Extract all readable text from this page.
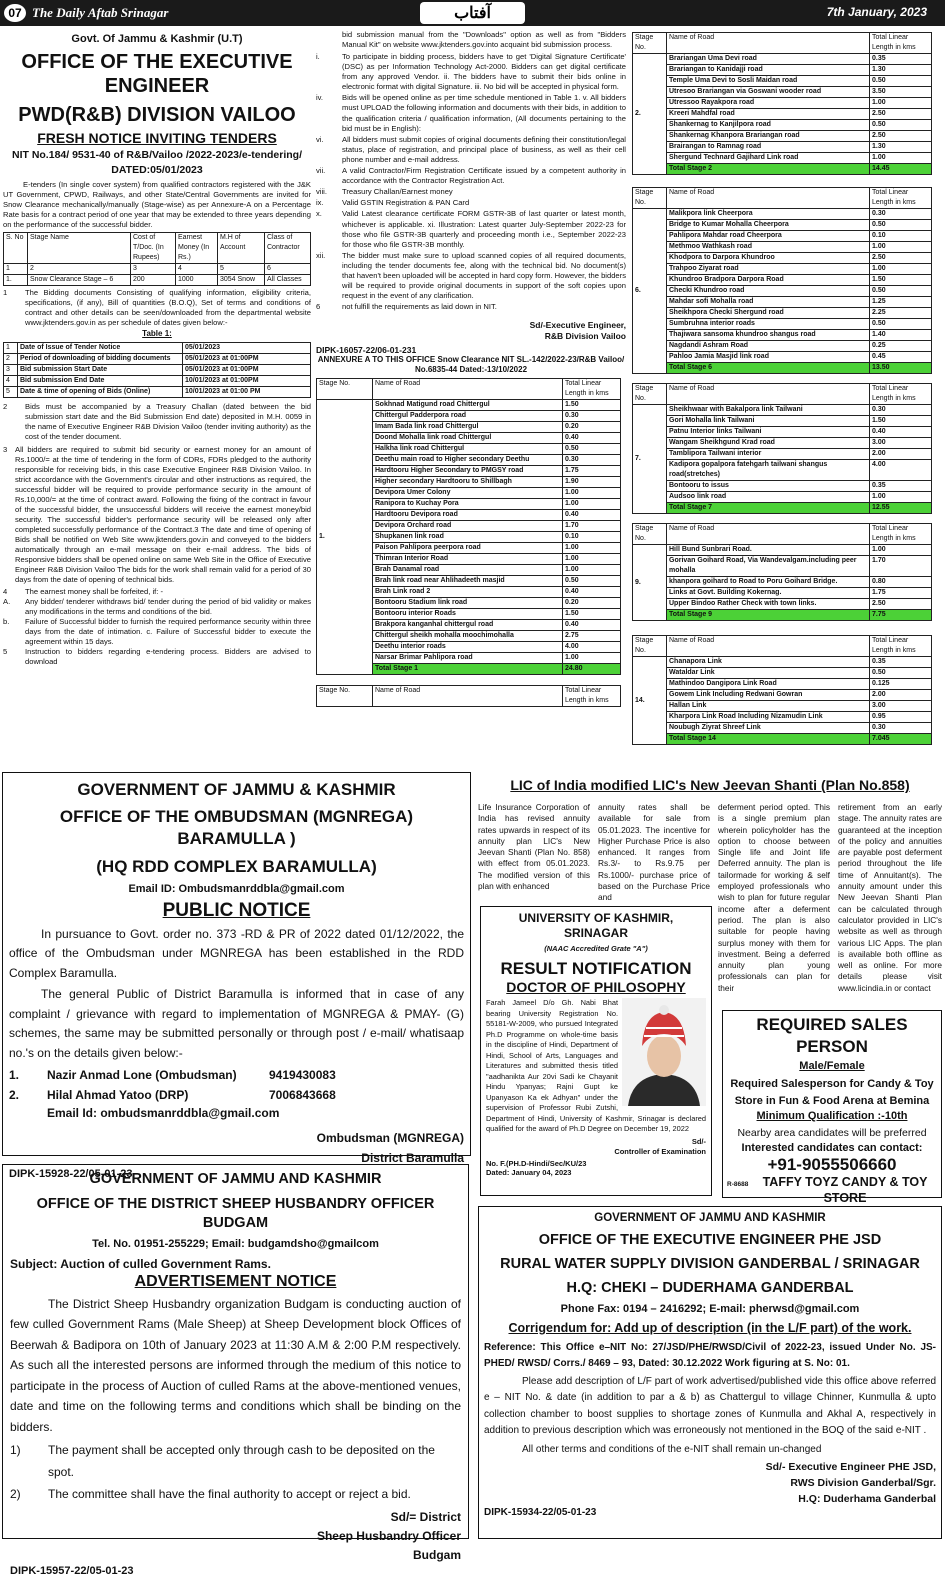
07 The Daily Aftab Srinagar	آفتاب	7th January, 2023
Govt. Of Jammu & Kashmir (U.T)
OFFICE OF THE EXECUTIVE ENGINEER
PWD(R&B) DIVISION VAILOO
FRESH NOTICE INVITING TENDERS
NIT No.184/ 9531-40 of R&B/Vailoo /2022-2023/e-tendering/
DATED:05/01/2023

E-tenders (In single cover system) from qualified contractors registered with the J&K UT Government, CPWD, Railways, and other State/Central Governments are invited for Snow Clearance mechanically/manually (Stage-wise) as per Annexure-A on a Percentage Rate basis for a contract period of one year that may be extended to three years depending on the performance of the successful bidder.

S. No	Stage Name	Cost of T/Doc. (In Rupees)	Earnest Money (In Rs.)	M.H of Account	Class of Contractor
1	2	3	4	5	6
1.	Snow Clearance Stage – 6	200	1000	3054 Snow	All Classes
1	The Bidding documents Consisting of qualifying information, eligibility criteria, specifications, (if any), Bill of quantities (B.O.Q), Set of terms and conditions of contract and other details can be seen/downloaded from the departmental website www.jktenders.gov.in as per schedule of dates given below:-
Table 1:
1	Date of Issue of Tender Notice	05/01/2023
2	Period of downloading of bidding documents	05/01/2023 at 01:00PM
3	Bid submission Start Date	05/01/2023 at 01:00PM
4	Bid submission End Date	10/01/2023 at 01:00PM
5	Date & time of opening of Bids (Online)	10/01/2023 at 01:00 PM
2	Bids must be accompanied by a Treasury Challan (dated between the bid submission start date and the Bid Submission End date) deposited in M.H. 0059 in the name of Executive Engineer R&B Division Vailoo (tender inviting authority) as the cost of the tender document.
3	All bidders are required to submit bid security or earnest money for an amount of Rs.1000/= at the time of tendering in the form of CDRs, FDRs pledged to the authority responsible for receiving bids, in this case Executive Engineer R&B Division Vailoo. In strict accordance with the Government's circular and other instructions as required, the successful bidder will be required to provide performance security in the amount of Rs.10,000/= at the time of contract award. Following the fixing of the contract in favour of the successful bidder, the unsuccessful bidders will receive the earnest money/bid security. The successful bidder's performance security will be released only after completed successfully performance of the Contract.3 The date and time of opening of Bids shall be notified on Web Site www.jktenders.gov.in and conveyed to the bidders automatically through an e-mail message on their e-mail address. The bids of Responsive bidders shall be opened online on same Web Site in the Office of Executive Engineer R&B Division Vailoo The bids for the work shall remain valid for a period of 30 days from the date of opening of technical bids.
4	The earnest money shall be forfeited, if: -
A.	Any bidder/ tenderer withdraws bid/ tender during the period of bid validity or makes any modifications in the terms and conditions of the bid.
b.	Failure of Successful bidder to furnish the required performance security within three days from the date of intimation. c. Failure of Successful bidder to execute the agreement within 15 days.
5	Instruction to bidders regarding e-tendering process. Bidders are advised to download

bid submission manual from the "Downloads" option as well as from "Bidders Manual Kit" on website www.jktenders.gov.into acquaint bid submission process.

i.	To participate in bidding process, bidders have to get 'Digital Signature Certificate' (DSC) as per Information Technology Act-2000. Bidders can get digital certificate from any approved Vendor. ii. The bidders have to submit their bids online in electronic format with digital Signature. iii. No bid will be accepted in physical form.
iv.	Bids will be opened online as per time schedule mentioned in Table 1. v. All bidders must UPLOAD the following information and documents with their bids, in addition to the qualification criteria / qualification information, (All documents pertaining to the bid must be in English):
vi.	All bidders must submit copies of original documents defining their constitution/legal status, place of registration, and principal place of business, as well as their cell phone number and e-mail address.
vii.	A valid Contractor/Firm Registration Certificate issued by a competent authority in accordance with the Contractor Registration Act.
viii.	Treasury Challan/Earnest money
ix.	Valid GSTIN Registration & PAN Card
x.	Valid Latest clearance certificate FORM GSTR-3B of last quarter or latest month, whichever is applicable. xi. Illustration: Latest quarter July-September 2022-23 for those who file GSTR-3B quarterly and proceeding month i.e., September 2022-23 for those who file GSTR-3B monthly.
xii.	The bidder must make sure to upload scanned copies of all required documents, including the tender documents fee, along with the technical bid. No document(s) that haven't been uploaded will be accepted in hard copy form. However, the bidders will be required to provide original documents in support of the soft copies upon request in the event of any clarification.
6	not fulfill the requirements as laid down in NIT.
Sd/-Executive Engineer,
R&B Division Vailoo
DIPK-16057-22/06-01-231
ANNEXURE A TO THIS OFFICE Snow Clearance NIT SL.-142/2022-23/R&B Vailoo/
No.6835-44 Dated:-13/10/2022
Stage No.	Name of Road	Total Linear Length in kms
1.	Sokhnad Matigund road Chittergul	1.50
	Chittergul Padderpora road	0.30
	Imam Bada link road Chittergul	0.20
	Doond Mohalla link road Chittergul	0.40
	Halkha link road Chittergul	0.50
	Deethu main road to Higher secondary Deethu	0.30
	Hardtooru Higher Secondary to PMGSY road	1.75
	Higher secondary Hardtooru to Shillbagh	1.90
	Devipora Umer Colony	1.00
	Ranipora to Kuchay Pora	1.00
	Hardtooru Devipora road	0.40
	Devipora Orchard road	1.70
	Shupkanen link road	0.10
	Paison Pahlipora peerpora road	1.00
	Thimran Interior Road	1.00
	Brah Danamal road	1.00
	Brah link road near Ahlihadeeth masjid	0.50
	Brah Link road 2	0.40
	Bontooru Stadium link road	0.20
	Bontooru interior Roads	1.50
	Brakpora kanganhal chittergul road	0.40
	Chittergul sheikh mohalla moochimohalla	2.75
	Deethu interior roads	4.00
	Narsar Brimar Pahlipora road	1.00
	Total Stage 1	24.80
Stage No.	Name of Road	Total Linear Length in kms
Stage No.	Name of Road	Total Linear Length in kms
2.	Brariangan Uma Devi road	0.35
	Brariangan to Kanidajji road	1.30
	Temple Uma Devi to Sosli Maidan road	0.50
	Utresoo Brariangan via Goswani wooder road	3.50
	Utressoo Rayakpora road	1.00
	Kreeri Mahdfal road	2.50
	Shankernag to Kanjilpora road	0.50
	Shankernag Khanpora Brariangan road	2.50
	Brairangan to Ramnag road	1.30
	Shergund Technard Gajihard Link road	1.00
	Total Stage 2	14.45
Stage No.	Name of Road	Total Linear Length in kms
6.	Malikpora link Cheerpora	0.30
	Bridge to Kumar Mohalla Cheerpora	0.50
	Pahlipora Mahdar road Cheerpora	0.10
	Methmoo Wathkash road	1.00
	Khodpora to Darpora Khundroo	2.50
	Trahpoo Ziyarat road	1.00
	Khundroo Bradpora Darpora Road	1.50
	Checki Khundroo road	0.50
	Mahdar sofi Mohalla road	1.25
	Sheikhpora Checki Shergund road	2.25
	Sumbruhna interior roads	0.50
	Thajiwara sansoma khundroo shangus road	1.40
	Nagdandi Ashram Road	0.25
	Pahloo Jamia Masjid link road	0.45
	Total Stage 6	13.50
Stage No.	Name of Road	Total Linear Length in kms
7.	Sheikhwaar with Bakalpora link Tailwani	0.30
	Gori Mohalla link Tailwani	1.50
	Patnu Interior links Tailwani	0.40
	Wangam Sheikhgund Krad road	3.00
	Tamblipora Tailwani interior	2.00
	Kadipora gopalpora fatehgarh tailwani shangus road(stretches)	4.00
	Bontooru to issus	0.35
	Audsoo link road	1.00
	Total Stage 7	12.55
Stage No.	Name of Road	Total Linear Length in kms
9.	Hill Bund Sunbrari Road.	1.00
	Gorivan Goihard Road, Via Wandevalgam.including peer mohalla	1.70
	khanpora goihard to Road to Poru Goihard Bridge.	0.80
	Links at Govt. Building Kokernag.	1.75
	Upper Bindoo Rather Check with town links.	2.50
	Total Stage 9	7.75
Stage No.	Name of Road	Total Linear Length in kms
14.	Chanapora Link	0.35
	Wataldar Link	0.50
	Mathindoo Dangipora Link Road	0.125
	Gowem Link Including Redwani Gowran	2.00
	Hallan Link	3.00
	Kharpora Link Road Including Nizamudin Link	0.95
	Noubugh Ziyrat Shreef Link	0.30
	Total Stage 14	7.045
GOVERNMENT OF JAMMU & KASHMIR
OFFICE OF THE OMBUDSMAN (MGNREGA) BARAMULLA )
(HQ RDD COMPLEX BARAMULLA)
Email ID: Ombudsmanrddbla@gmail.com
PUBLIC NOTICE

In pursuance to Govt. order no. 373 -RD & PR of 2022 dated 01/12/2022, the office of the Ombudsman under MGNREGA has been established in the RDD Complex Baramulla.

The general Public of District Baramulla is informed that in case of any complaint / grievance with regard to implementation of MGNREGA & PMAY- (G) schemes, the same may be submitted personally or through post / e-mail/ whatisaap no.'s on the details given below:-

1.	Nazir Anmad Lone (Ombudsman)	9419430083
2.	Hilal Ahmad Yatoo (DRP)	7006843668
Email Id: ombudsmanrddbla@gmail.com
Ombudsman (MGNREGA)
District Baramulla
DIPK-15928-22/05-01-23
GOVERNMENT OF JAMMU AND KASHMIR
OFFICE OF THE DISTRICT SHEEP HUSBANDRY OFFICER BUDGAM
Tel. No. 01951-255229; Email: budgamdsho@gmailcom
Subject: Auction of culled Government Rams.
ADVERTISEMENT NOTICE

The District Sheep Husbandry organization Budgam is conducting auction of few culled Government Rams (Male Sheep) at Sheep Development block Offices of Beerwah & Badipora on 10th of January 2023 at 11:30 A.M & 2:00 P.M respectively. As such all the interested persons are informed through the medium of this notice to participate in the process of Auction of culled Rams at the above-mentioned venues, date and time on the following terms and conditions which shall be binding on the bidders.

1)	The payment shall be accepted only through cash to be deposited on the spot.
2)	The committee shall have the final authority to accept or reject a bid.
Sd/= District
Sheep Husbandry Officer
Budgam
DIPK-15957-22/05-01-23
LIC of India modified LIC's New Jeevan Shanti (Plan No.858)

Life Insurance Corporation of India has revised annuity rates upwards in respect of its annuity plan LIC's New Jeevan Shanti (Plan No. 858) with effect from 05.01.2023. The modified version of this plan with enhanced

annuity rates shall be available for sale from 05.01.2023. The incentive for Higher Purchase Price is also enhanced. It ranges from Rs.3/- to Rs.9.75 per Rs.1000/- purchase price of based on the Purchase Price and

deferment period opted. This is a single premium plan wherein policyholder has the option to choose between Single life and Joint life Deferred annuity. The plan is tailormade for working & self employed professionals who wish to plan for future regular income after a deferment period. The plan is also suitable for people having surplus money with them for investment. Being a deferred annuity plan young professionals can plan for their

retirement from an early stage. The annuity rates are guaranteed at the inception of the policy and annuities are payable post deferment period throughout the life time of Annuitant(s). The annuity amount under this New Jeevan Shanti Plan can be calculated through calculator provided in LIC's website as well as through various LIC Apps. The plan is available both offline as well as online. For more details please visit www.licindia.in or contact

UNIVERSITY OF KASHMIR, SRINAGAR
(NAAC Accredited Grate "A")
RESULT NOTIFICATION
DOCTOR OF PHILOSOPHY

Farah Jameel D/o Gh. Nabi Bhat bearing University Registration No. 55181-W-2009, who pursued Integrated Ph.D Programme on whole-time basis in the discipline of Hindi, Department of Hindi, School of Arts, Languages and Literatures and submitted thesis titled "aadhanikta Aur 20vi Sadi ke Chayanit Hindu Ypanyas; Rajni Gupt ke Upanyason Ka ek Adhyan" under the supervision of Professor Rubi Zutshi, Department of Hindi, University of Kashmir, Srinagar is declared qualified for the award of Ph.D Degree on December 19, 2022

Sd/-
Controller of Examination
No. F.(PH.D-Hindi/Sec/KU/23
Dated: January 04, 2023
REQUIRED SALES PERSON
Male/Female
Required Salesperson for Candy & Toy Store in Fun & Food Arena at Bemina
Minimum Qualification :-10th
Nearby area candidates will be preferred
Interested candidates can contact:
+91-9055506660
R-8688	TAFFY TOYZ CANDY & TOY STORE
GOVERNMENT OF JAMMU AND KASHMIR
OFFICE OF THE EXECUTIVE ENGINEER PHE JSD
RURAL WATER SUPPLY DIVISION GANDERBAL / SRINAGAR
H.Q: CHEKI – DUDERHAMA GANDERBAL
Phone Fax: 0194 – 2416292; E-mail: pherwsd@gmail.com
Corrigendum for: Add up of description (in the L/F part) of the work.

Reference: This Office e–NIT No: 27/JSD/PHE/RWSD/Civil of 2022-23, issued Under No. JS-PHED/ RWSD/ Corrs./ 8469 – 93, Dated: 30.12.2022 Work figuring at S. No: 01.

Please add description of L/F part of work advertised/published vide this office above referred e – NIT No. & date (in addition to par a & b) as Chattergul to village Chinner, Kunmulla & upto collection chamber to boost supplies to shortage zones of Kunmulla and Akhal A, respectively in addition to previous description which was erroneously not mentioned in the BOQ of the said e-NIT .

All other terms and conditions of the e-NIT shall remain un-changed

Sd/- Executive Engineer PHE JSD,
RWS Division Ganderbal/Sgr.
H.Q: Duderhama Ganderbal
DIPK-15934-22/05-01-23
